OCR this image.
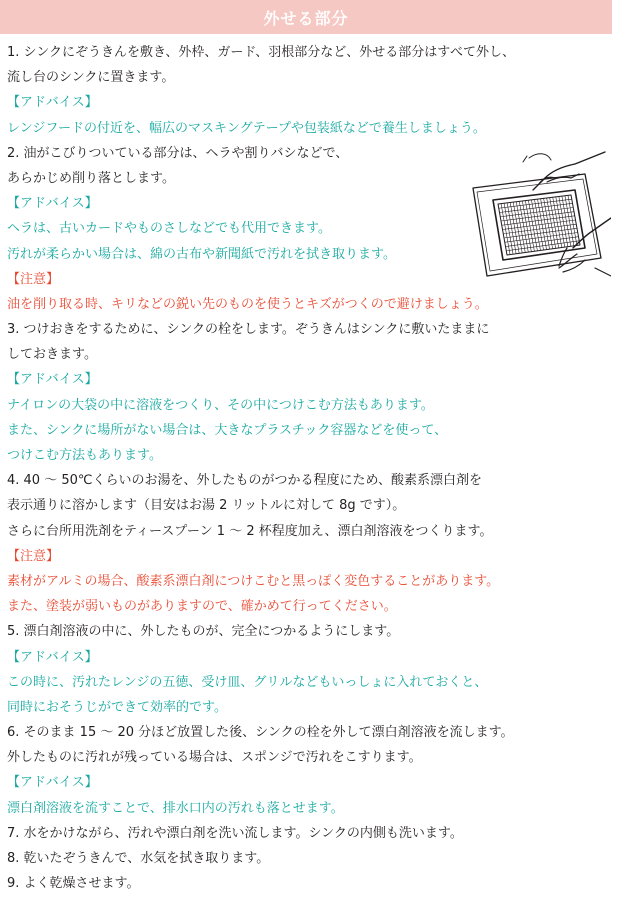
外せる部分
1. シンクにぞうきんを敷き、外枠、ガード、羽根部分など、外せる部分はすべて外し、
流し台のシンクに置きます。
【アドバイス】
レンジフードの付近を、幅広のマスキングテープや包装紙などで養生しましょう。
2. 油がこびりついている部分は、ヘラや割りバシなどで、
あらかじめ削り落とします。
【アドバイス】
ヘラは、古いカードやものさしなどでも代用できます。
汚れが柔らかい場合は、綿の古布や新聞紙で汚れを拭き取ります。
【注意】
油を削り取る時、キリなどの鋭い先のものを使うとキズがつくので避けましょう。
3. つけおきをするために、シンクの栓をします。ぞうきんはシンクに敷いたままに
しておきます。
【アドバイス】
ナイロンの大袋の中に溶液をつくり、その中につけこむ方法もあります。
また、シンクに場所がない場合は、大きなプラスチック容器などを使って、
つけこむ方法もあります。
4. 40 〜 50℃くらいのお湯を、外したものがつかる程度にため、酸素系漂白剤を
表示通りに溶かします（目安はお湯 2 リットルに対して 8g です）。
さらに台所用洗剤をティースプーン 1 〜 2 杯程度加え、漂白剤溶液をつくります。
【注意】
素材がアルミの場合、酸素系漂白剤につけこむと黒っぽく変色することがあります。
また、塗装が弱いものがありますので、確かめて行ってください。
5. 漂白剤溶液の中に、外したものが、完全につかるようにします。
【アドバイス】
この時に、汚れたレンジの五徳、受け皿、グリルなどもいっしょに入れておくと、
同時におそうじができて効率的です。
6. そのまま 15 〜 20 分ほど放置した後、シンクの栓を外して漂白剤溶液を流します。
外したものに汚れが残っている場合は、スポンジで汚れをこすります。
【アドバイス】
漂白剤溶液を流すことで、排水口内の汚れも落とせます。
7. 水をかけながら、汚れや漂白剤を洗い流します。シンクの内側も洗います。
8. 乾いたぞうきんで、水気を拭き取ります。
9. よく乾燥させます。
